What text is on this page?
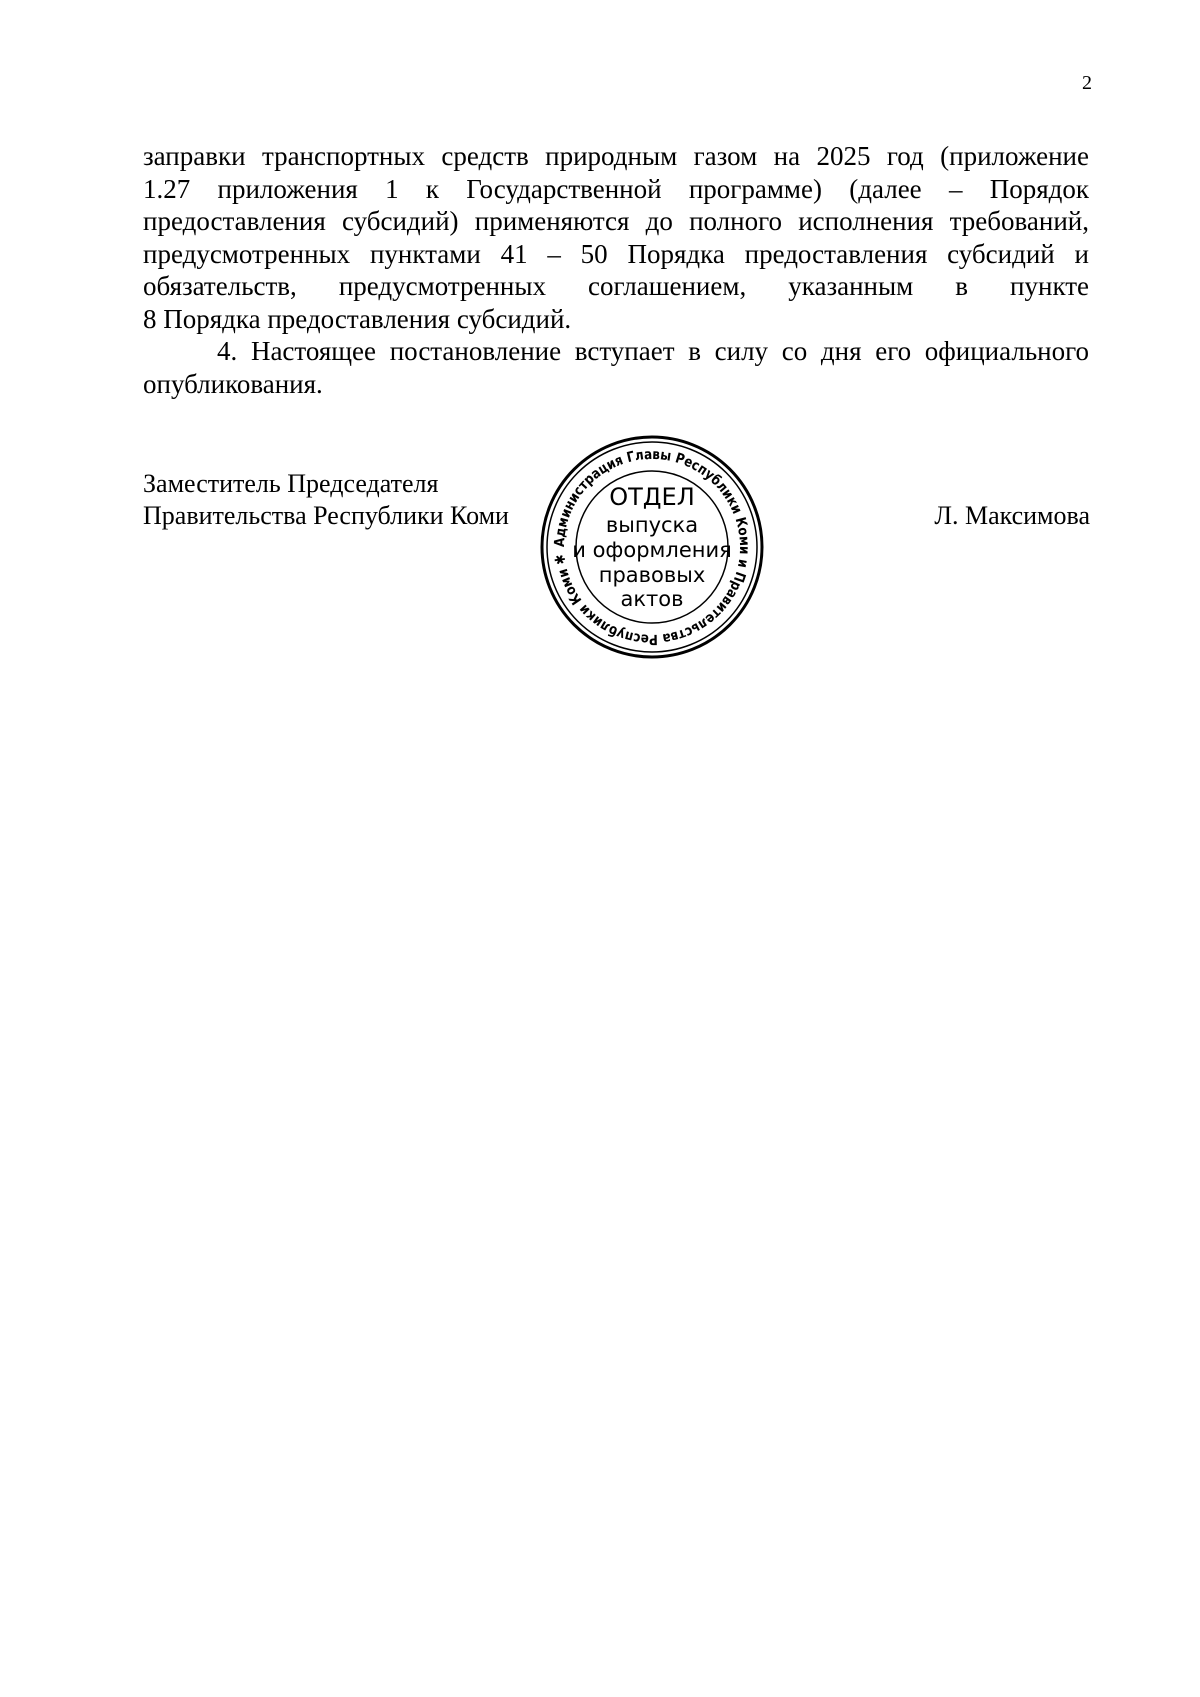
2
заправки транспортных средств природным газом на 2025 год (приложение
1.27 приложения 1 к Государственной программе) (далее – Порядок
предоставления субсидий) применяются до полного исполнения требований,
предусмотренных пунктами 41 – 50 Порядка предоставления субсидий и
обязательств, предусмотренных соглашением, указанным в пункте
8 Порядка предоставления субсидий.
4. Настоящее постановление вступает в силу со дня его официального
опубликования.
Заместитель Председателя
Правительства Республики Коми	Л. Максимова
Администрация Главы Республики Коми и Правительства Республики Коми ✱
ОТДЕЛ
выпуска
и оформления
правовых
актов
